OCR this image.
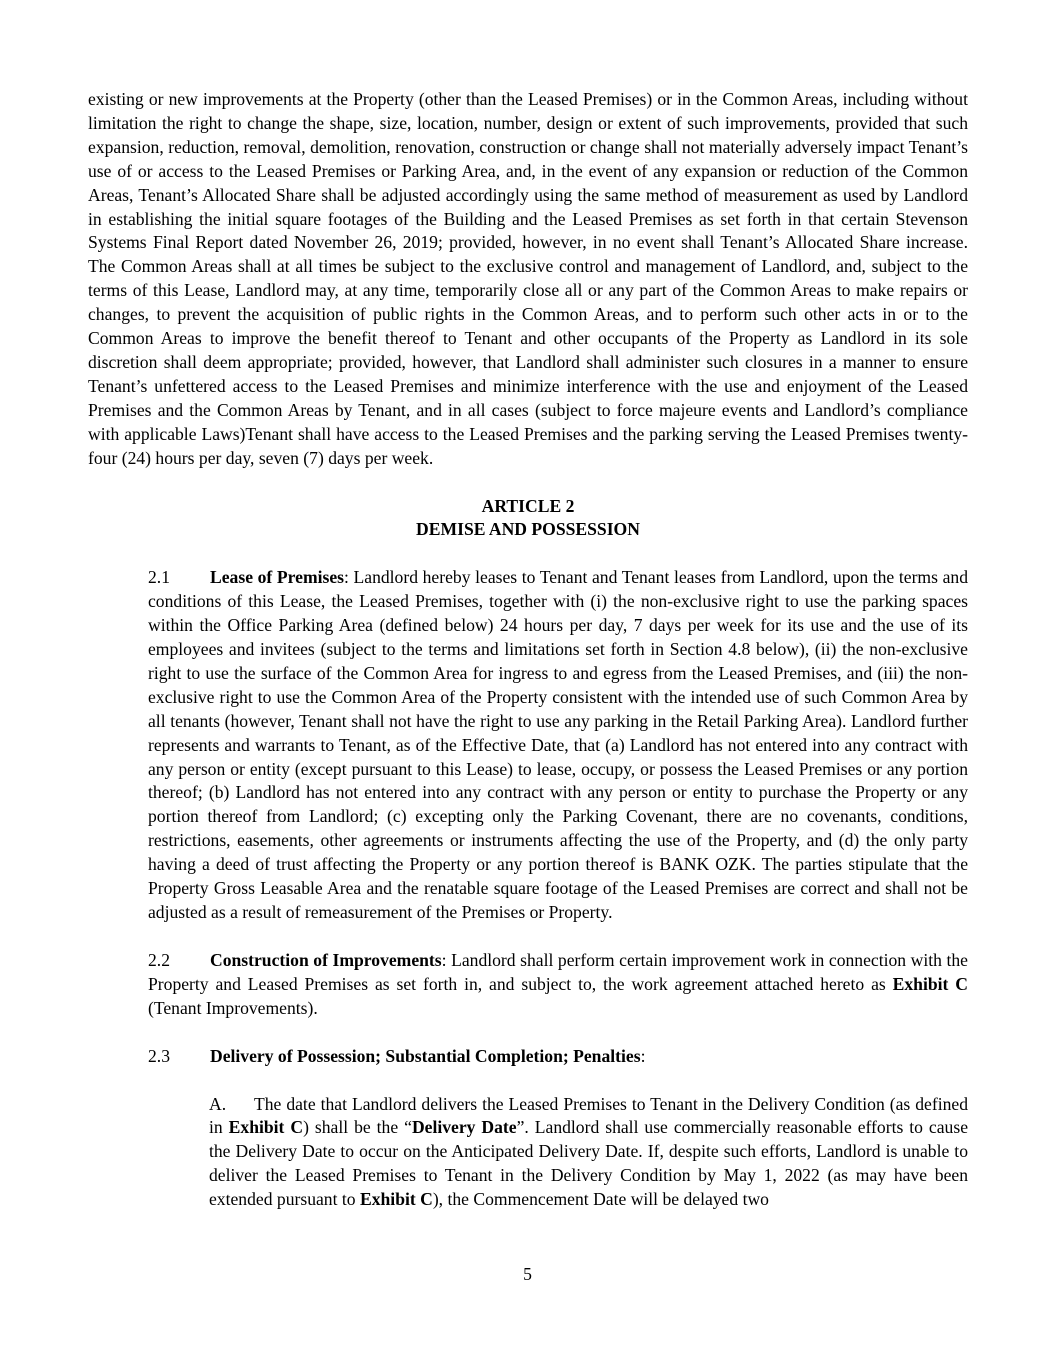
existing or new improvements at the Property (other than the Leased Premises) or in the Common Areas, including without limitation the right to change the shape, size, location, number, design or extent of such improvements, provided that such expansion, reduction, removal, demolition, renovation, construction or change shall not materially adversely impact Tenant’s use of or access to the Leased Premises or Parking Area, and, in the event of any expansion or reduction of the Common Areas, Tenant’s Allocated Share shall be adjusted accordingly using the same method of measurement as used by Landlord in establishing the initial square footages of the Building and the Leased Premises as set forth in that certain Stevenson Systems Final Report dated November 26, 2019; provided, however, in no event shall Tenant’s Allocated Share increase. The Common Areas shall at all times be subject to the exclusive control and management of Landlord, and, subject to the terms of this Lease, Landlord may, at any time, temporarily close all or any part of the Common Areas to make repairs or changes, to prevent the acquisition of public rights in the Common Areas, and to perform such other acts in or to the Common Areas to improve the benefit thereof to Tenant and other occupants of the Property as Landlord in its sole discretion shall deem appropriate; provided, however, that Landlord shall administer such closures in a manner to ensure Tenant’s unfettered access to the Leased Premises and minimize interference with the use and enjoyment of the Leased Premises and the Common Areas by Tenant, and in all cases (subject to force majeure events and Landlord’s compliance with applicable Laws)Tenant shall have access to the Leased Premises and the parking serving the Leased Premises twenty-four (24) hours per day, seven (7) days per week.

ARTICLE 2
DEMISE AND POSSESSION

2.1 Lease of Premises: Landlord hereby leases to Tenant and Tenant leases from Landlord, upon the terms and conditions of this Lease, the Leased Premises, together with (i) the non-exclusive right to use the parking spaces within the Office Parking Area (defined below) 24 hours per day, 7 days per week for its use and the use of its employees and invitees (subject to the terms and limitations set forth in Section 4.8 below), (ii) the non-exclusive right to use the surface of the Common Area for ingress to and egress from the Leased Premises, and (iii) the non-exclusive right to use the Common Area of the Property consistent with the intended use of such Common Area by all tenants (however, Tenant shall not have the right to use any parking in the Retail Parking Area). Landlord further represents and warrants to Tenant, as of the Effective Date, that (a) Landlord has not entered into any contract with any person or entity (except pursuant to this Lease) to lease, occupy, or possess the Leased Premises or any portion thereof; (b) Landlord has not entered into any contract with any person or entity to purchase the Property or any portion thereof from Landlord; (c) excepting only the Parking Covenant, there are no covenants, conditions, restrictions, easements, other agreements or instruments affecting the use of the Property, and (d) the only party having a deed of trust affecting the Property or any portion thereof is BANK OZK. The parties stipulate that the Property Gross Leasable Area and the renatable square footage of the Leased Premises are correct and shall not be adjusted as a result of remeasurement of the Premises or Property.

2.2 Construction of Improvements: Landlord shall perform certain improvement work in connection with the Property and Leased Premises as set forth in, and subject to, the work agreement attached hereto as Exhibit C (Tenant Improvements).

2.3 Delivery of Possession; Substantial Completion; Penalties:

A. The date that Landlord delivers the Leased Premises to Tenant in the Delivery Condition (as defined in Exhibit C) shall be the “Delivery Date”. Landlord shall use commercially reasonable efforts to cause the Delivery Date to occur on the Anticipated Delivery Date. If, despite such efforts, Landlord is unable to deliver the Leased Premises to Tenant in the Delivery Condition by May 1, 2022 (as may have been extended pursuant to Exhibit C), the Commencement Date will be delayed two

5
